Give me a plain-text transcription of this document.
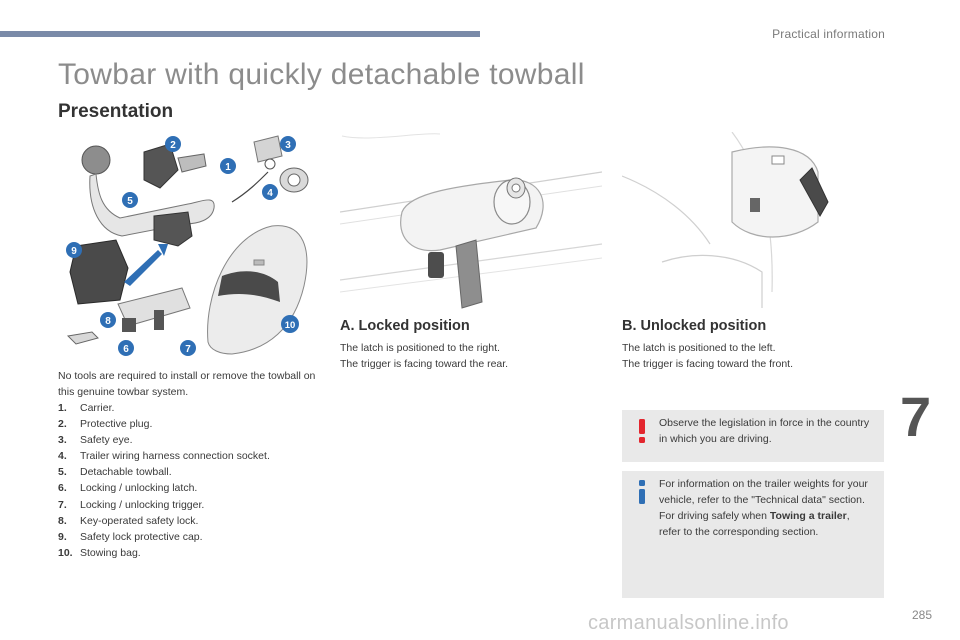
Practical information
Towbar with quickly detachable towball
Presentation
1
2	3
4
5
6	7
8
9
10
No tools are required to install or remove the towball on this genuine towbar system.
1.	Carrier.
2.	Protective plug.
3.	Safety eye.
4.	Trailer wiring harness connection socket.
5.	Detachable towball.
6.	Locking / unlocking latch.
7.	Locking / unlocking trigger.
8.	Key-operated safety lock.
9.	Safety lock protective cap.
10. Stowing bag.
A. Locked position
The latch is positioned to the right.
The trigger is facing toward the rear.
B. Unlocked position
The latch is positioned to the left.
The trigger is facing toward the front.
Observe the legislation in force in the country in which you are driving.
For information on the trailer weights for your vehicle, refer to the "Technical data" section.
For driving safely when Towing a trailer, refer to the corresponding section.
7
285
carmanualsonline.info
